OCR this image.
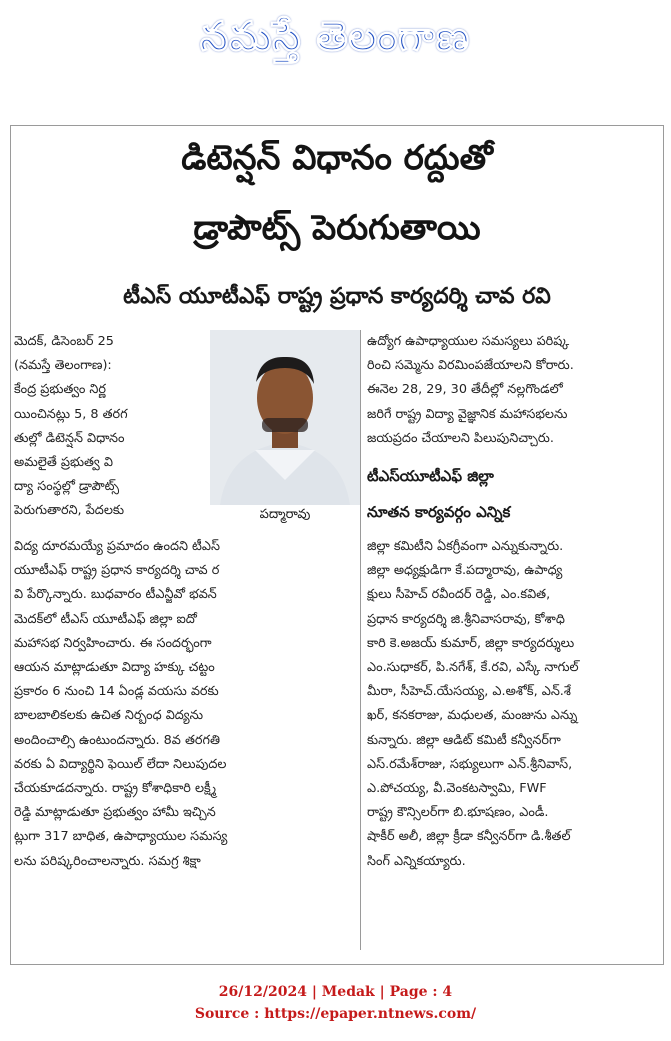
నమస్తే తెలంగాణ
డిటెన్షన్ విధానం రద్దుతో
డ్రాపౌట్స్ పెరుగుతాయి
టీఎస్ యూటీఎఫ్ రాష్ట్ర ప్రధాన కార్యదర్శి చావ రవి
మెదక్, డిసెంబర్ 25
(నమస్తే తెలంగాణ):
కేంద్ర ప్రభుత్వం నిర్ణ
యించినట్లు 5, 8 తరగ
తుల్లో డిటెన్షన్ విధానం
అమలైతే ప్రభుత్వ వి
ద్యా సంస్థల్లో డ్రాపౌట్స్
పెరుగుతారని, పేదలకు	పద్మారావు
విద్య దూరమయ్యే ప్రమాదం ఉందని టీఎస్
యూటీఎఫ్ రాష్ట్ర ప్రధాన కార్యదర్శి చావ ర
వి పేర్కొన్నారు. బుధవారం టీఎన్జీవో భవన్
మెదక్‌లో టీఎస్ యూటీఎఫ్ జిల్లా ఐదో
మహాసభ నిర్వహించారు. ఈ సందర్భంగా
ఆయన మాట్లాడుతూ విద్యా హక్కు చట్టం
ప్రకారం 6 నుంచి 14 ఏండ్ల వయసు వరకు
బాలబాలికలకు ఉచిత నిర్బంధ విద్యను
అందించాల్సి ఉంటుందన్నారు. 8వ తరగతి
వరకు ఏ విద్యార్థిని ఫెయిల్ లేదా నిలుపుదల
చేయకూడదన్నారు. రాష్ట్ర కోశాధికారి లక్ష్మీ
రెడ్డి మాట్లాడుతూ ప్రభుత్వం హామీ ఇచ్చిన
ట్లుగా 317 బాధిత, ఉపాధ్యాయుల సమస్య
లను పరిష్కరించాలన్నారు. సమగ్ర శిక్షా
ఉద్యోగ ఉపాధ్యాయుల సమస్యలు పరిష్క
రించి సమ్మెను విరమింపజేయాలని కోరారు.
ఈనెల 28, 29, 30 తేదీల్లో నల్లగొండలో
జరిగే రాష్ట్ర విద్యా వైజ్ఞానిక మహాసభలను
జయప్రదం చేయాలని పిలుపునిచ్చారు.
టీఎస్‌యూటీఎఫ్ జిల్లా
నూతన కార్యవర్గం ఎన్నిక
జిల్లా కమిటీని ఏకగ్రీవంగా ఎన్నుకున్నారు.
జిల్లా అధ్యక్షుడిగా కే.పద్మారావు, ఉపాధ్య
క్షులు సీహెచ్ రవీందర్ రెడ్డి, ఎం.కవిత,
ప్రధాన కార్యదర్శి జి.శ్రీనివాసరావు, కోశాధి
కారి కె.అజయ్ కుమార్, జిల్లా కార్యదర్శులు
ఎం.సుధాకర్, పి.నగేశ్, కే.రవి, ఎస్కే నాగుల్
మీరా, సీహెచ్.యేసయ్య, ఎ.అశోక్, ఎన్.శే
ఖర్, కనకరాజు, మధులత, మంజును ఎన్ను
కున్నారు. జిల్లా ఆడిట్ కమిటీ కన్వీనర్‌గా
ఎస్.రమేశ్‌రాజు, సభ్యులుగా ఎన్.శ్రీనివాస్,
ఎ.పోచయ్య, వీ.వెంకటస్వామి, FWF
రాష్ట్ర కౌన్సిలర్‌గా బి.భూషణం, ఎండీ.
షాకీర్ అలీ, జిల్లా క్రీడా కన్వీనర్‌గా డి.శీతల్
సింగ్ ఎన్నికయ్యారు.
26/12/2024 | Medak | Page : 4
Source : https://epaper.ntnews.com/
